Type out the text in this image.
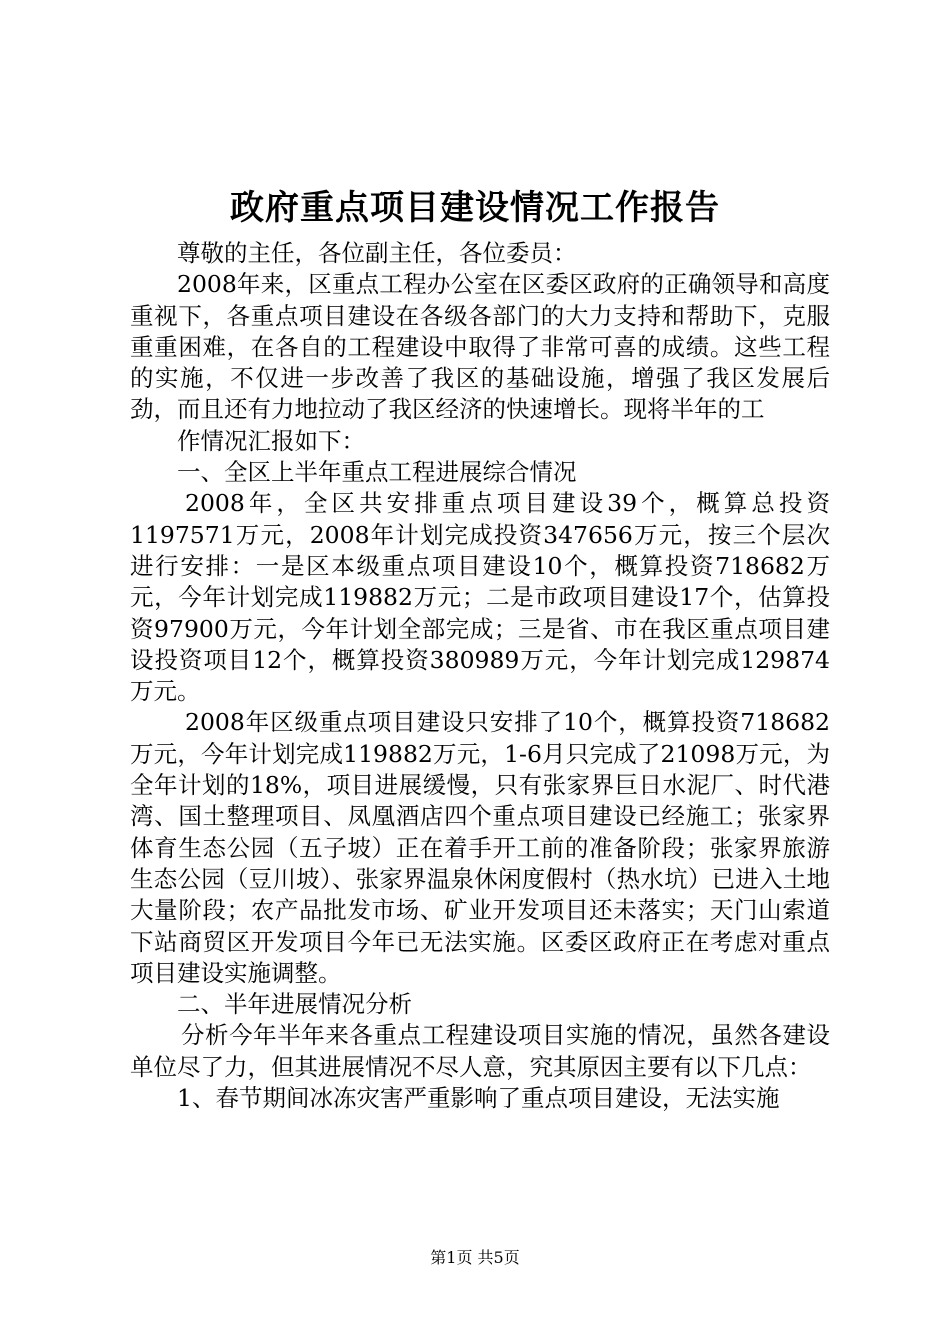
政府重点项目建设情况工作报告

尊敬的主任，各位副主任，各位委员：

2008年来，区重点工程办公室在区委区政府的正确领导和高度重视下，各重点项目建设在各级各部门的大力支持和帮助下，克服重重困难，在各自的工程建设中取得了非常可喜的成绩。这些工程的实施，不仅进一步改善了我区的基础设施，增强了我区发展后劲，而且还有力地拉动了我区经济的快速增长。现将半年的工

作情况汇报如下：

一、全区上半年重点工程进展综合情况

2008年，全区共安排重点项目建设39个，概算总投资1197571万元，2008年计划完成投资347656万元，按三个层次进行安排：一是区本级重点项目建设10个，概算投资718682万元，今年计划完成119882万元；二是市政项目建设17个，估算投资97900万元，今年计划全部完成；三是省、市在我区重点项目建设投资项目12个，概算投资380989万元，今年计划完成129874万元。

2008年区级重点项目建设只安排了10个，概算投资718682万元，今年计划完成119882万元，1-6月只完成了21098万元，为全年计划的18%，项目进展缓慢，只有张家界巨日水泥厂、时代港湾、国土整理项目、凤凰酒店四个重点项目建设已经施工；张家界体育生态公园（五子坡）正在着手开工前的准备阶段；张家界旅游生态公园（豆川坡）、张家界温泉休闲度假村（热水坑）已进入土地大量阶段；农产品批发市场、矿业开发项目还未落实；天门山索道下站商贸区开发项目今年已无法实施。区委区政府正在考虑对重点项目建设实施调整。

二、半年进展情况分析

分析今年半年来各重点工程建设项目实施的情况，虽然各建设单位尽了力，但其进展情况不尽人意，究其原因主要有以下几点：

1、春节期间冰冻灾害严重影响了重点项目建设，无法实施

第1页 共5页
